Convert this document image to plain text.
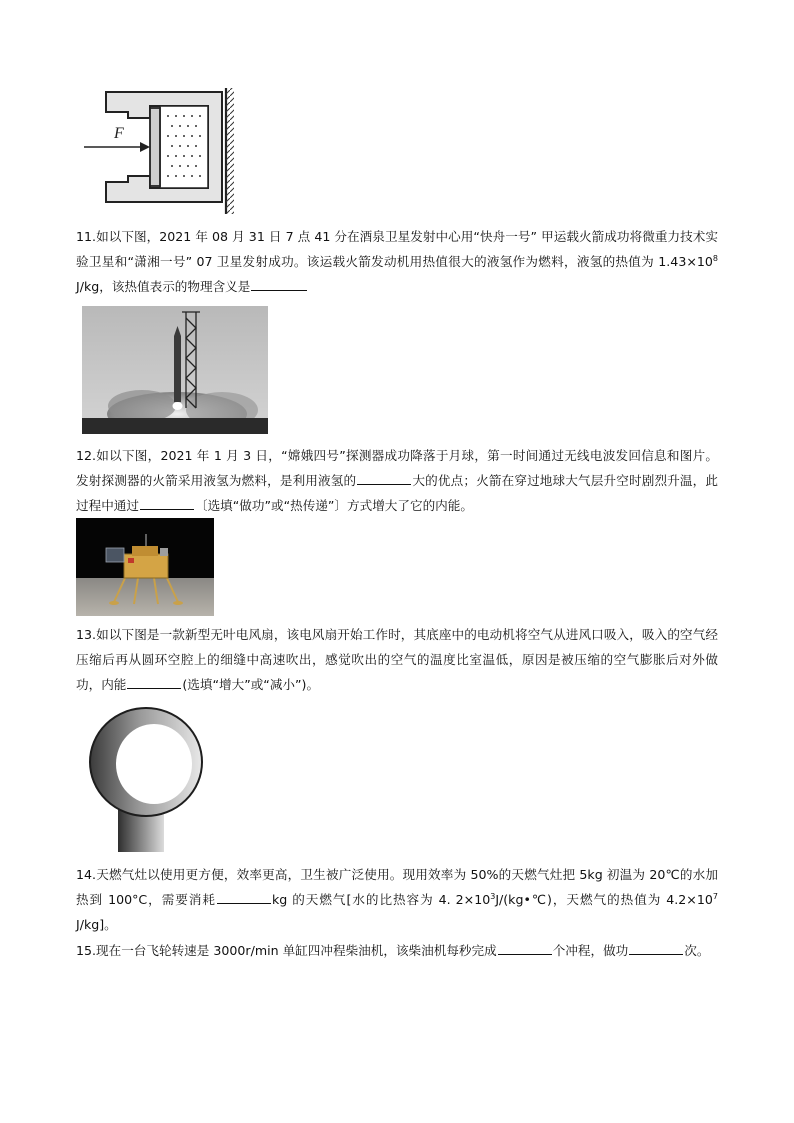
F
11.如以下图，2021 年 08 月 31 日 7 点 41 分在酒泉卫星发射中心用“快舟一号” 甲运载火箭成功将微重力技术实验卫星和“潇湘一号” 07 卫星发射成功。该运载火箭发动机用热值很大的液氢作为燃料，液氢的热值为 $1.43\times 10^8$ J/kg，该热值表示的物理含义是
12.如以下图，2021 年 1 月 3 日，“嫦娥四号”探测器成功降落于月球，第一时间通过无线电波发回信息和图片。发射探测器的火箭采用液氢为燃料，是利用液氢的	大的优点；火箭在穿过地球大气层升空时剧烈升温，此过程中通过	〔选填“做功”或“热传递”〕方式增大了它的内能。
13.如以下图是一款新型无叶电风扇，该电风扇开始工作时，其底座中的电动机将空气从进风口吸入，吸入的空气经压缩后再从圆环空腔上的细缝中高速吹出，感觉吹出的空气的温度比室温低，原因是被压缩的空气膨胀后对外做功，内能	(选填“增大”或“减小”)。
14.天燃气灶以使用更方便，效率更高，卫生被广泛使用。现用效率为 50%的天燃气灶把 5kg 初温为 20℃的水加热到 100°C，需要消耗	kg 的天燃气[水的比热容为 4. $2\times 10^3J/(kg•℃)$，天燃气的热值为 $4.2\times 10^7$ J/kg]。
15.现在一台飞轮转速是 3000r/min 单缸四冲程柴油机，该柴油机每秒完成	个冲程，做功	次。
